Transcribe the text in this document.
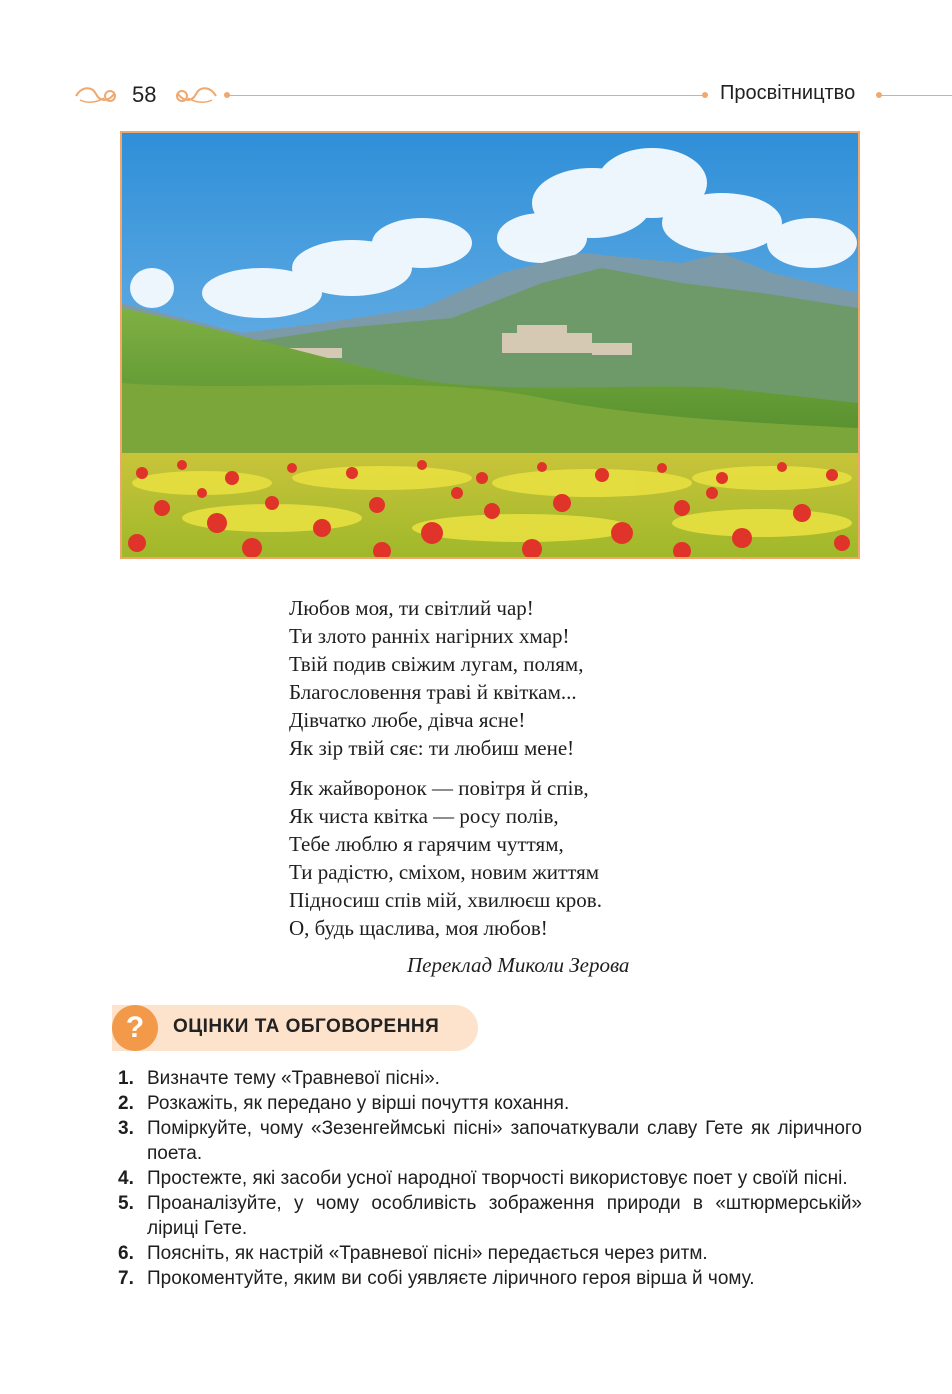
58	Просвітництво
Любов моя, ти світлий чар!
Ти злото ранніх нагірних хмар!
Твій подив свіжим лугам, полям,
Благословення траві й квіткам...
Дівчатко любе, дівча ясне!
Як зір твій сяє: ти любиш мене!
Як жайворонок — повітря й спів,
Як чиста квітка — росу полів,
Тебе люблю я гарячим чуттям,
Ти радістю, сміхом, новим життям
Підносиш спів мій, хвилюєш кров.
О, будь щаслива, моя любов!
Переклад Миколи Зерова
?	ОЦІНКИ ТА ОБГОВОРЕННЯ
1. Визначте тему «Травневої пісні».
2. Розкажіть, як передано у вірші почуття кохання.
3. Поміркуйте, чому «Зезенгеймські пісні» започаткували славу Гете як ліричного поета.
4. Простежте, які засоби усної народної творчості використовує поет у своїй пісні.
5. Проаналізуйте, у чому особливість зображення природи в «штюрмерській» ліриці Гете.
6. Поясніть, як настрій «Травневої пісні» передається через ритм.
7. Прокоментуйте, яким ви собі уявляєте ліричного героя вірша й чому.
